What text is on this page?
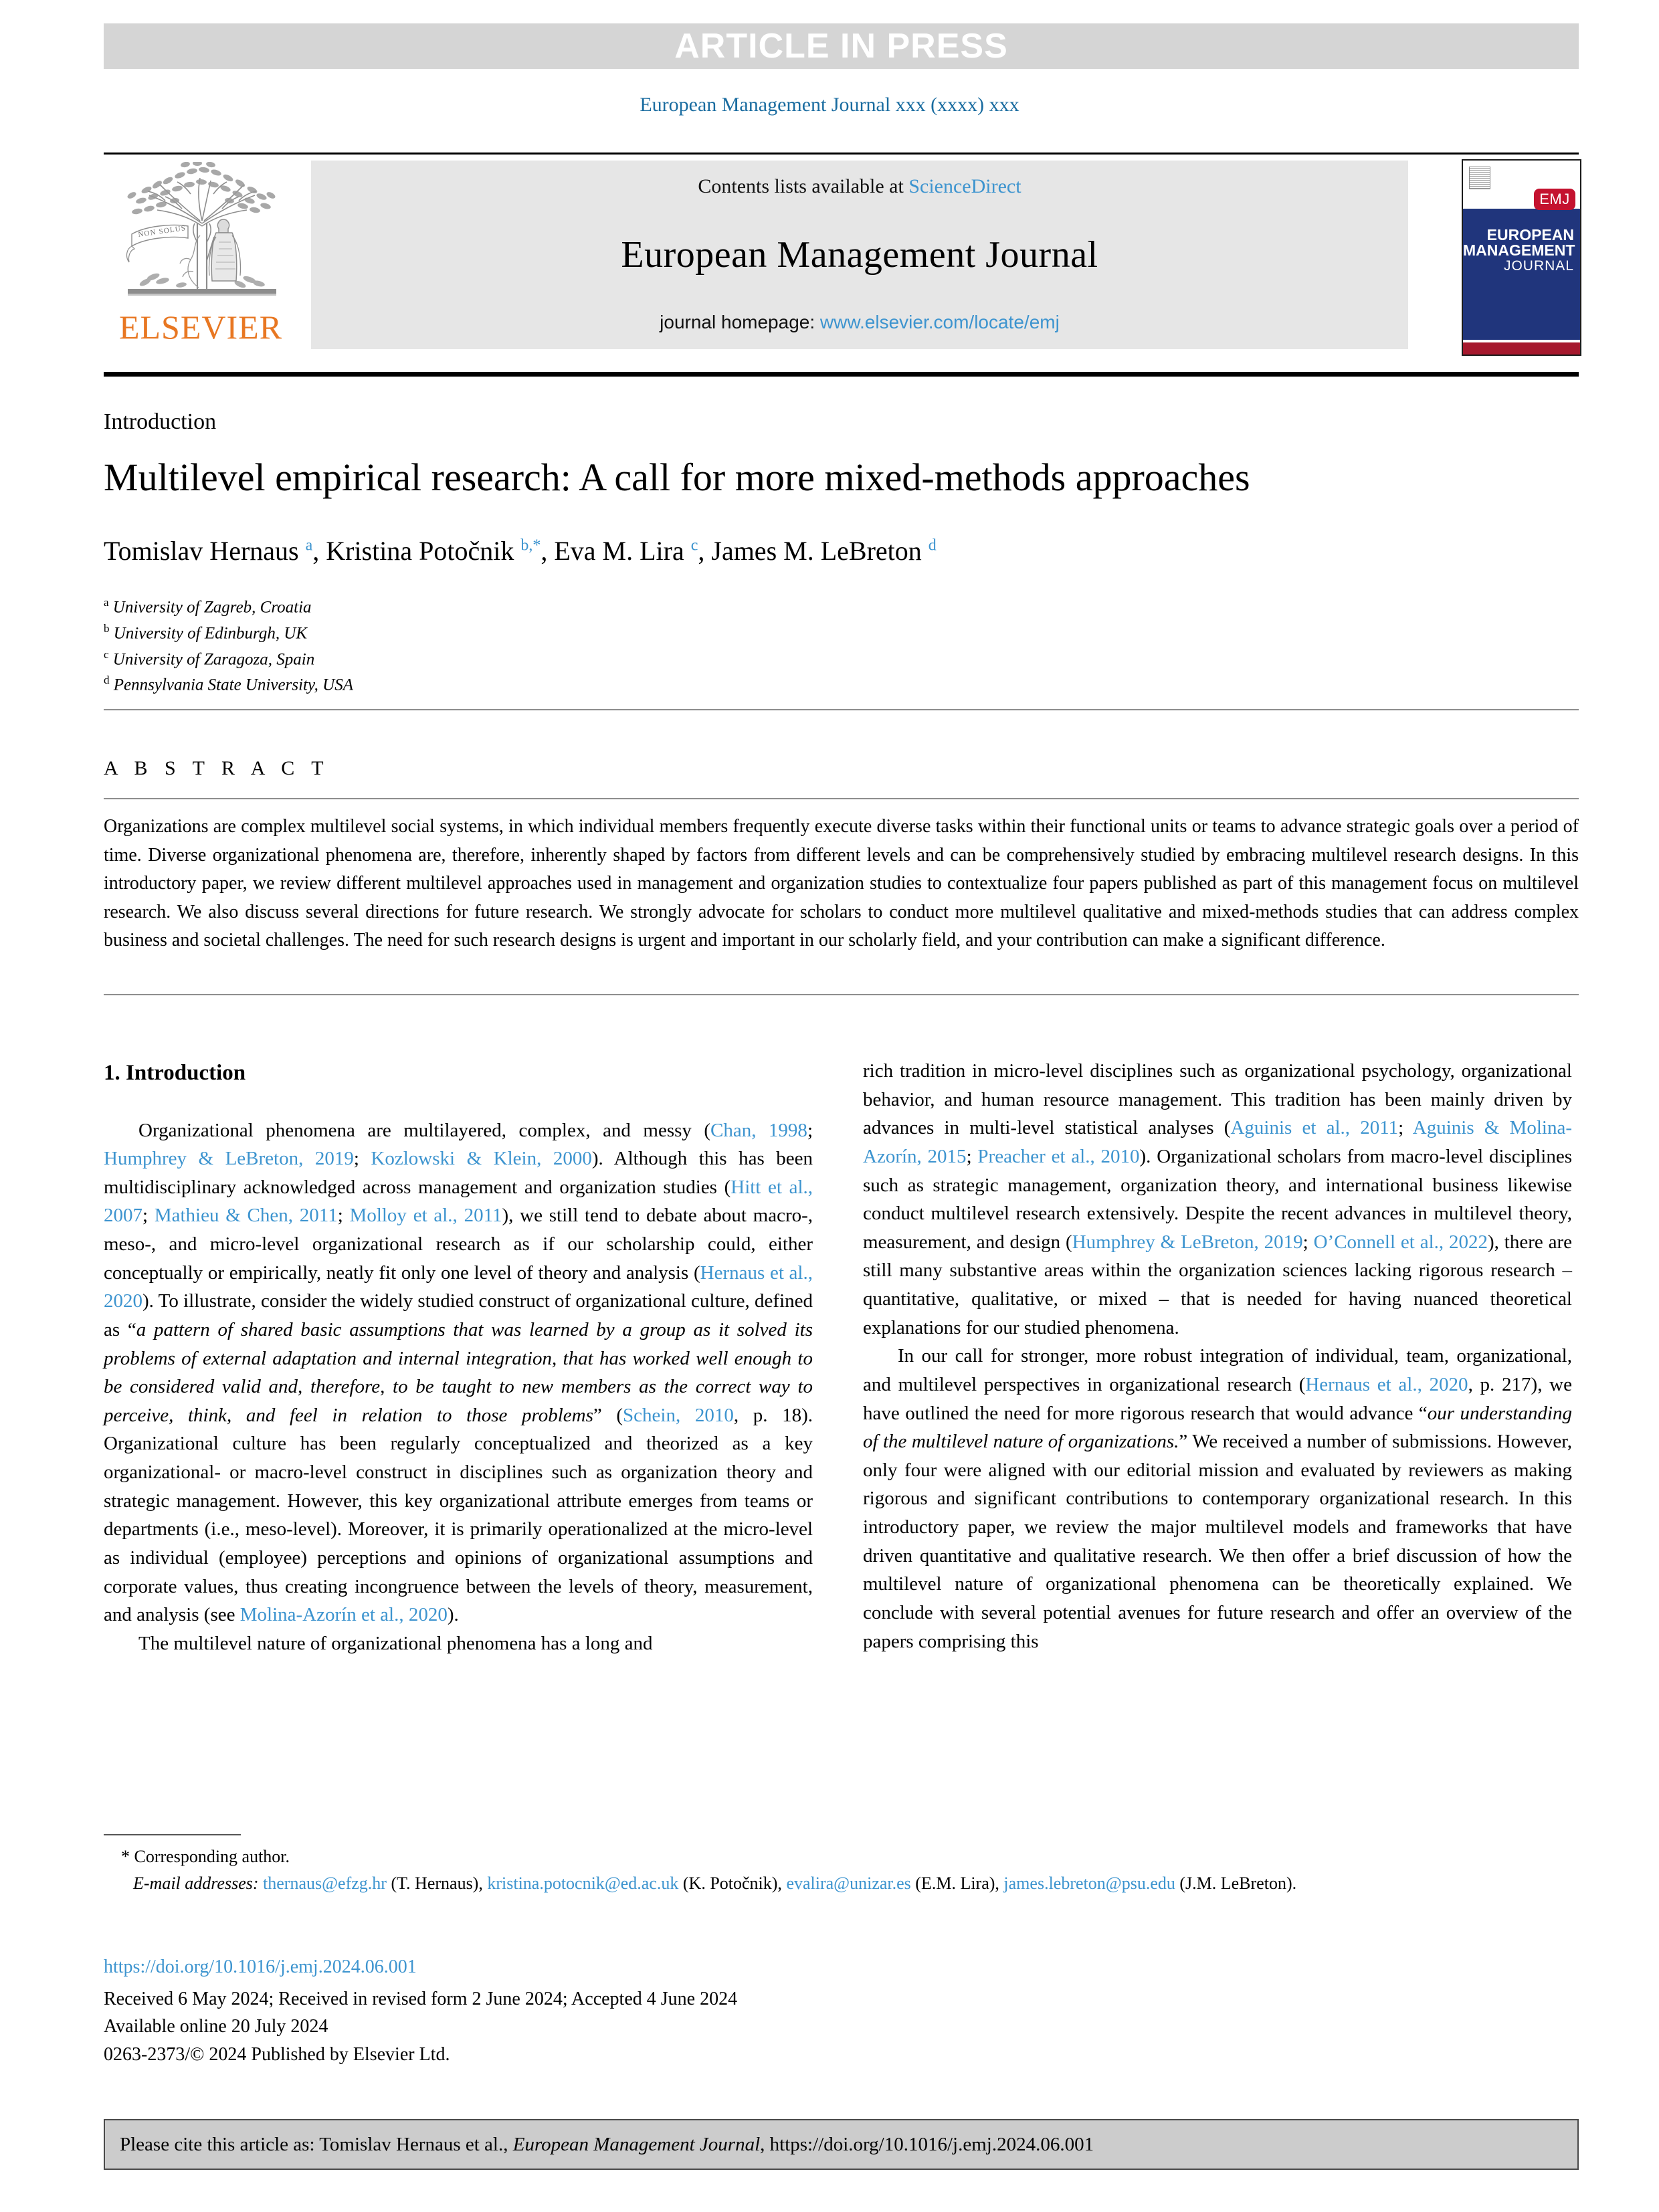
ARTICLE IN PRESS
European Management Journal xxx (xxxx) xxx
NON SOLUS
ELSEVIER
Contents lists available at ScienceDirect
European Management Journal
journal homepage: www.elsevier.com/locate/emj
EMJ
EUROPEAN
MANAGEMENT
JOURNAL
Introduction
Multilevel empirical research: A call for more mixed-methods approaches
Tomislav Hernaus $^a$, Kristina Potočnik $^{b,*}$, Eva M. Lira $^c$, James M. LeBreton $^d$
$^a$ University of Zagreb, Croatia
$^b$ University of Edinburgh, UK
$^c$ University of Zaragoza, Spain
$^d$ Pennsylvania State University, USA
A B S T R A C T
Organizations are complex multilevel social systems, in which individual members frequently execute diverse tasks within their functional units or teams to advance strategic goals over a period of time. Diverse organizational phenomena are, therefore, inherently shaped by factors from different levels and can be comprehensively studied by embracing multilevel research designs. In this introductory paper, we review different multilevel approaches used in management and organization studies to contextualize four papers published as part of this management focus on multilevel research. We also discuss several directions for future research. We strongly advocate for scholars to conduct more multilevel qualitative and mixed-methods studies that can address complex business and societal challenges. The need for such research designs is urgent and important in our scholarly field, and your contribution can make a significant difference.
1. Introduction

Organizational phenomena are multilayered, complex, and messy (Chan, 1998; Humphrey & LeBreton, 2019; Kozlowski & Klein, 2000). Although this has been multidisciplinary acknowledged across management and organization studies (Hitt et al., 2007; Mathieu & Chen, 2011; Molloy et al., 2011), we still tend to debate about macro-, meso-, and micro-level organizational research as if our scholarship could, either conceptually or empirically, neatly fit only one level of theory and analysis (Hernaus et al., 2020). To illustrate, consider the widely studied construct of organizational culture, defined as “a pattern of shared basic assumptions that was learned by a group as it solved its problems of external adaptation and internal integration, that has worked well enough to be considered valid and, therefore, to be taught to new members as the correct way to perceive, think, and feel in relation to those problems” (Schein, 2010, p. 18). Organizational culture has been regularly conceptualized and theorized as a key organizational- or macro-level construct in disciplines such as organization theory and strategic management. However, this key organizational attribute emerges from teams or departments (i.e., meso-level). Moreover, it is primarily operationalized at the micro-level as individual (employee) perceptions and opinions of organizational assumptions and corporate values, thus creating incongruence between the levels of theory, measurement, and analysis (see Molina-Azorín et al., 2020).

The multilevel nature of organizational phenomena has a long and

rich tradition in micro-level disciplines such as organizational psychology, organizational behavior, and human resource management. This tradition has been mainly driven by advances in multi-level statistical analyses (Aguinis et al., 2011; Aguinis & Molina-Azorín, 2015; Preacher et al., 2010). Organizational scholars from macro-level disciplines such as strategic management, organization theory, and international business likewise conduct multilevel research extensively. Despite the recent advances in multilevel theory, measurement, and design (Humphrey & LeBreton, 2019; O’Connell et al., 2022), there are still many substantive areas within the organization sciences lacking rigorous research – quantitative, qualitative, or mixed – that is needed for having nuanced theoretical explanations for our studied phenomena.

In our call for stronger, more robust integration of individual, team, organizational, and multilevel perspectives in organizational research (Hernaus et al., 2020, p. 217), we have outlined the need for more rigorous research that would advance “our understanding of the multilevel nature of organizations.” We received a number of submissions. However, only four were aligned with our editorial mission and evaluated by reviewers as making rigorous and significant contributions to contemporary organizational research. In this introductory paper, we review the major multilevel models and frameworks that have driven quantitative and qualitative research. We then offer a brief discussion of how the multilevel nature of organizational phenomena can be theoretically explained. We conclude with several potential avenues for future research and offer an overview of the papers comprising this

* Corresponding author.
E-mail addresses: thernaus@efzg.hr (T. Hernaus), kristina.potocnik@ed.ac.uk (K. Potočnik), evalira@unizar.es (E.M. Lira), james.lebreton@psu.edu (J.M. LeBreton).
https://doi.org/10.1016/j.emj.2024.06.001
Received 6 May 2024; Received in revised form 2 June 2024; Accepted 4 June 2024
Available online 20 July 2024
0263-2373/© 2024 Published by Elsevier Ltd.
Please cite this article as: Tomislav Hernaus et al., European Management Journal, https://doi.org/10.1016/j.emj.2024.06.001
